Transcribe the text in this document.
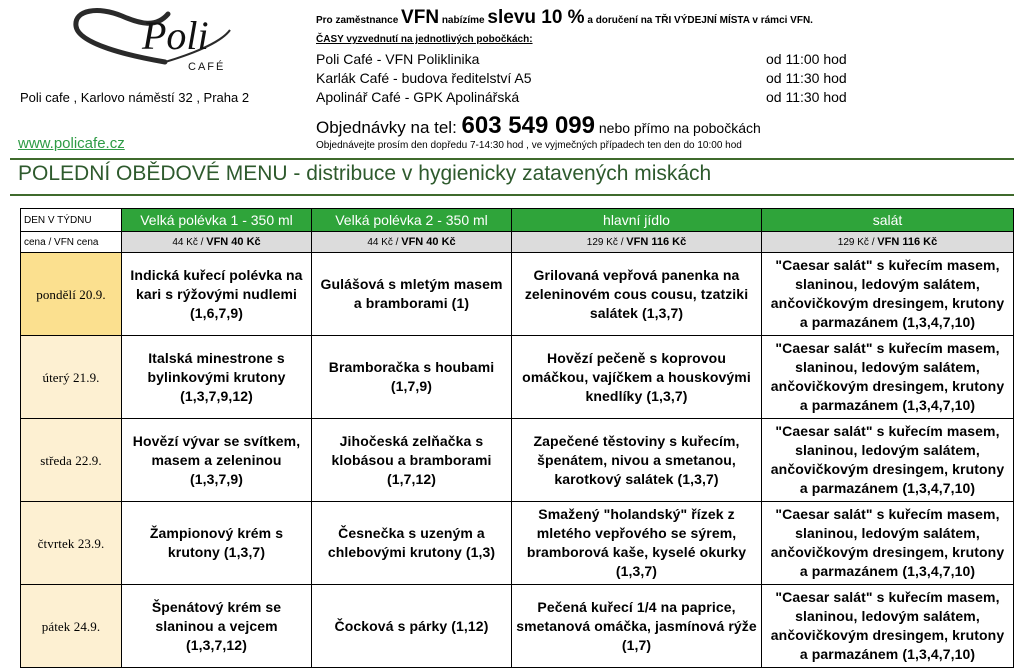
Poli
CAFÉ
Poli cafe , Karlovo náměstí 32 , Praha 2
www.policafe.cz
Pro zaměstnance VFN nabízíme slevu 10 % a doručení na TŘI VÝDEJNÍ MÍSTA v rámci VFN.
ČASY vyzvednutí na jednotlivých pobočkách:
Poli Café - VFN Poliklinika	od 11:00 hod
Karlák Café - budova ředitelství A5	od 11:30 hod
Apolinář Café - GPK Apolinářská	od 11:30 hod
Objednávky na tel: 603 549 099 nebo přímo na pobočkách
Objednávejte prosím den dopředu 7-14:30 hod , ve vyjmečných případech ten den do 10:00 hod
POLEDNÍ OBĚDOVÉ MENU - distribuce v hygienicky zatavených miskách
DEN V TÝDNU	Velká polévka 1 - 350 ml	Velká polévka 2 - 350 ml	hlavní jídlo	salát
cena / VFN cena	44 Kč / VFN 40 Kč	44 Kč / VFN 40 Kč	129 Kč / VFN 116 Kč	129 Kč / VFN 116 Kč
pondělí 20.9.	Indická kuřecí polévka na kari s rýžovými nudlemi (1,6,7,9)	Gulášová s mletým masem a bramborami (1)	Grilovaná vepřová panenka na zeleninovém cous cousu, tzatziki salátek (1,3,7)	"Caesar salát" s kuřecím masem, slaninou, ledovým salátem, ančovičkovým dresingem, krutony a parmazánem (1,3,4,7,10)
úterý 21.9.	Italská minestrone s bylinkovými krutony (1,3,7,9,12)	Bramboračka s houbami (1,7,9)	Hovězí pečeně s koprovou omáčkou, vajíčkem a houskovými knedlíky (1,3,7)	"Caesar salát" s kuřecím masem, slaninou, ledovým salátem, ančovičkovým dresingem, krutony a parmazánem (1,3,4,7,10)
středa 22.9.	Hovězí vývar se svítkem, masem a zeleninou (1,3,7,9)	Jihočeská zelňačka s klobásou a bramborami (1,7,12)	Zapečené těstoviny s kuřecím, špenátem, nivou a smetanou, karotkový salátek (1,3,7)	"Caesar salát" s kuřecím masem, slaninou, ledovým salátem, ančovičkovým dresingem, krutony a parmazánem (1,3,4,7,10)
čtvrtek 23.9.	Žampionový krém s krutony (1,3,7)	Česnečka s uzeným a chlebovými krutony (1,3)	Smažený "holandský" řízek z mletého vepřového se sýrem, bramborová kaše, kyselé okurky (1,3,7)	"Caesar salát" s kuřecím masem, slaninou, ledovým salátem, ančovičkovým dresingem, krutony a parmazánem (1,3,4,7,10)
pátek 24.9.	Špenátový krém se slaninou a vejcem (1,3,7,12)	Čocková s párky (1,12)	Pečená kuřecí 1/4 na paprice, smetanová omáčka, jasmínová rýže (1,7)	"Caesar salát" s kuřecím masem, slaninou, ledovým salátem, ančovičkovým dresingem, krutony a parmazánem (1,3,4,7,10)
